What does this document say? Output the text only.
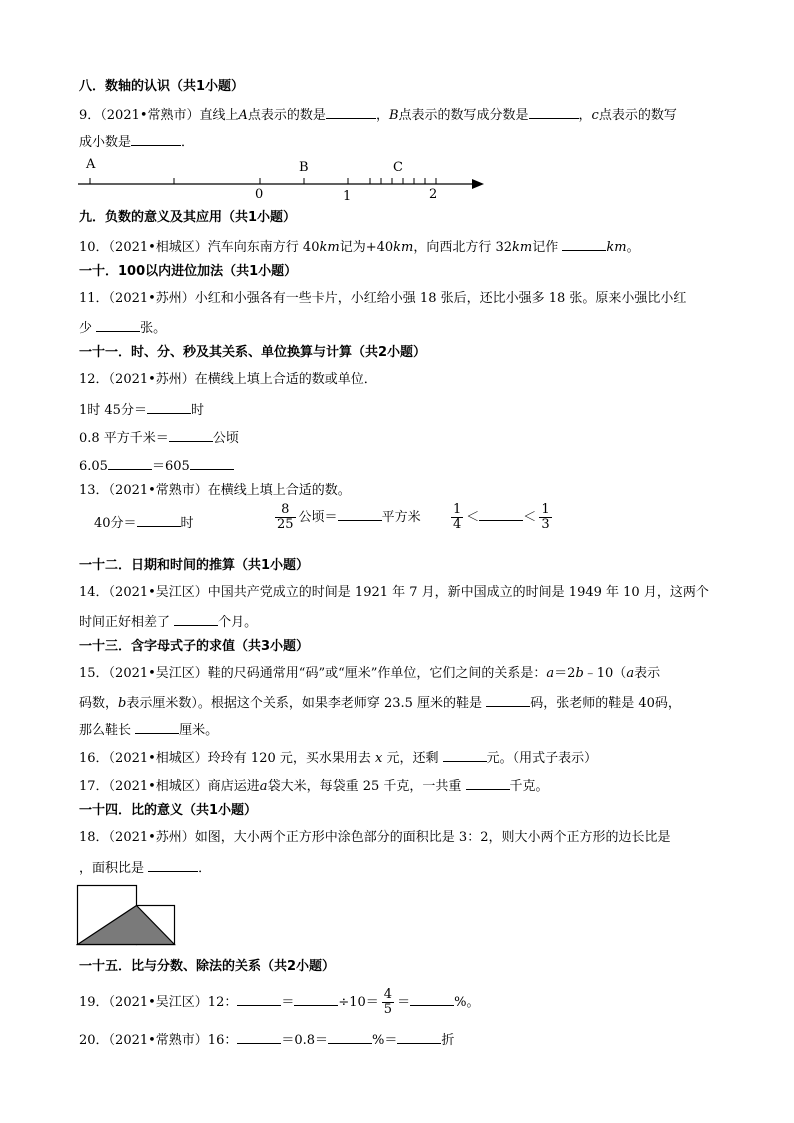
八．数轴的认识（共1小题）
9．（2021•常熟市）直线上A点表示的数是	，B点表示的数写成分数是	，c点表示的数写
成小数是	．
A	B	C
0	1	2
九．负数的意义及其应用（共1小题）
10．（2021•相城区）汽车向东南方行 40km记为+40km，向西北方行 32km记作	km。
一十．100以内进位加法（共1小题）
11．（2021•苏州）小红和小强各有一些卡片，小红给小强 18 张后，还比小强多 18 张。原来小强比小红
少	张。
一十一．时、分、秒及其关系、单位换算与计算（共2小题）
12．（2021•苏州）在横线上填上合适的数或单位．
1时 45分＝	时
0.8 平方千米＝	公顷
6.05	＝605
13．（2021•常熟市）在横线上填上合适的数。
40分＝	时	$\frac{8}{25}$ 公顷＝	平方米 $\frac{1}{4}$ ＜	＜ $\frac{1}{3}$
一十二．日期和时间的推算（共1小题）
14．（2021•吴江区）中国共产党成立的时间是 1921 年 7 月，新中国成立的时间是 1949 年 10 月，这两个
时间正好相差了	个月。
一十三．含字母式子的求值（共3小题）
15．（2021•吴江区）鞋的尺码通常用“码”或“厘米”作单位，它们之间的关系是：a＝2b﹣10（a表示
码数，b表示厘米数）。根据这个关系，如果李老师穿 23.5 厘米的鞋是	码，张老师的鞋是 40码，
那么鞋长	厘米。
16．（2021•相城区）玲玲有 120 元，买水果用去 x 元，还剩	元。（用式子表示）
17．（2021•相城区）商店运进a袋大米，每袋重 25 千克，一共重	千克。
一十四．比的意义（共1小题）
18．（2021•苏州）如图，大小两个正方形中涂色部分的面积比是 3：2，则大小两个正方形的边长比是
，面积比是	．
一十五．比与分数、除法的关系（共2小题）
19．（2021•吴江区）12：	＝	$\div 10= \frac{4}{5}$ ＝	%。
20．（2021•常熟市）16：	＝0.8＝	%＝	折
